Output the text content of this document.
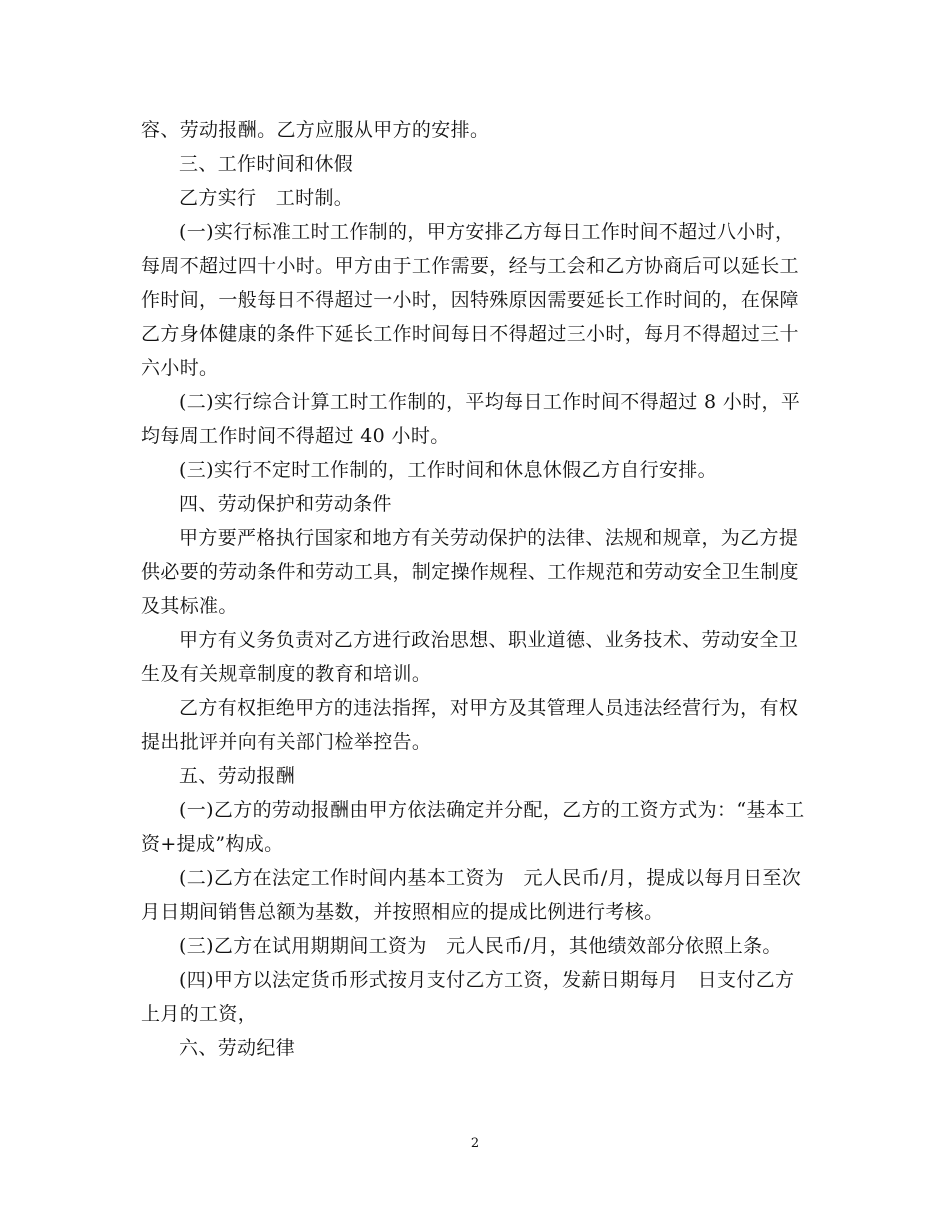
容、劳动报酬。乙方应服从甲方的安排。

三、工作时间和休假

乙方实行　工时制。

(一)实行标准工时工作制的，甲方安排乙方每日工作时间不超过八小时，每周不超过四十小时。甲方由于工作需要，经与工会和乙方协商后可以延长工作时间，一般每日不得超过一小时，因特殊原因需要延长工作时间的，在保障乙方身体健康的条件下延长工作时间每日不得超过三小时，每月不得超过三十六小时。

(二)实行综合计算工时工作制的，平均每日工作时间不得超过 8 小时，平均每周工作时间不得超过 40 小时。

(三)实行不定时工作制的，工作时间和休息休假乙方自行安排。

四、劳动保护和劳动条件

甲方要严格执行国家和地方有关劳动保护的法律、法规和规章，为乙方提供必要的劳动条件和劳动工具，制定操作规程、工作规范和劳动安全卫生制度及其标准。

甲方有义务负责对乙方进行政治思想、职业道德、业务技术、劳动安全卫生及有关规章制度的教育和培训。

乙方有权拒绝甲方的违法指挥，对甲方及其管理人员违法经营行为，有权提出批评并向有关部门检举控告。

五、劳动报酬

(一)乙方的劳动报酬由甲方依法确定并分配，乙方的工资方式为：“基本工资+提成”构成。

(二)乙方在法定工作时间内基本工资为　元人民币/月，提成以每月日至次月日期间销售总额为基数，并按照相应的提成比例进行考核。

(三)乙方在试用期期间工资为　元人民币/月，其他绩效部分依照上条。

(四)甲方以法定货币形式按月支付乙方工资，发薪日期每月　日支付乙方上月的工资，

六、劳动纪律

2
